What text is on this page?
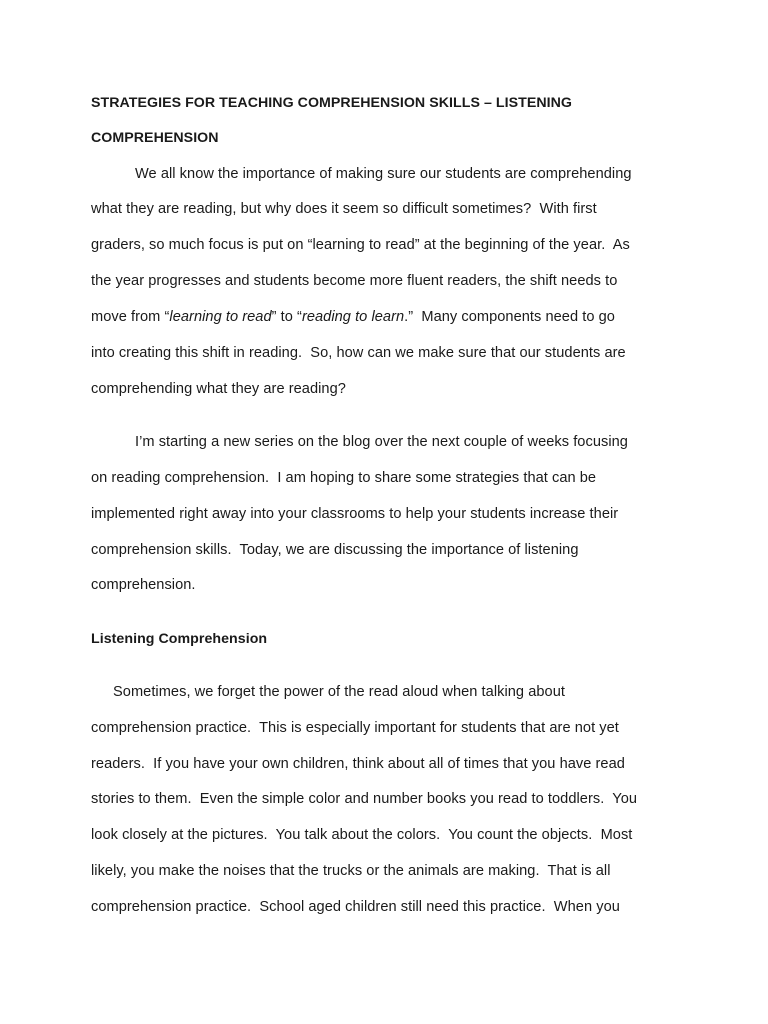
STRATEGIES FOR TEACHING COMPREHENSION SKILLS – LISTENING
COMPREHENSION
We all know the importance of making sure our students are comprehending
what they are reading, but why does it seem so difficult sometimes?  With first
graders, so much focus is put on “learning to read” at the beginning of the year.  As
the year progresses and students become more fluent readers, the shift needs to
move from “learning to read” to “reading to learn.”  Many components need to go
into creating this shift in reading.  So, how can we make sure that our students are
comprehending what they are reading?
I’m starting a new series on the blog over the next couple of weeks focusing
on reading comprehension.  I am hoping to share some strategies that can be
implemented right away into your classrooms to help your students increase their
comprehension skills.  Today, we are discussing the importance of listening
comprehension.
Listening Comprehension
Sometimes, we forget the power of the read aloud when talking about
comprehension practice.  This is especially important for students that are not yet
readers.  If you have your own children, think about all of times that you have read
stories to them.  Even the simple color and number books you read to toddlers.  You
look closely at the pictures.  You talk about the colors.  You count the objects.  Most
likely, you make the noises that the trucks or the animals are making.  That is all
comprehension practice.  School aged children still need this practice.  When you
